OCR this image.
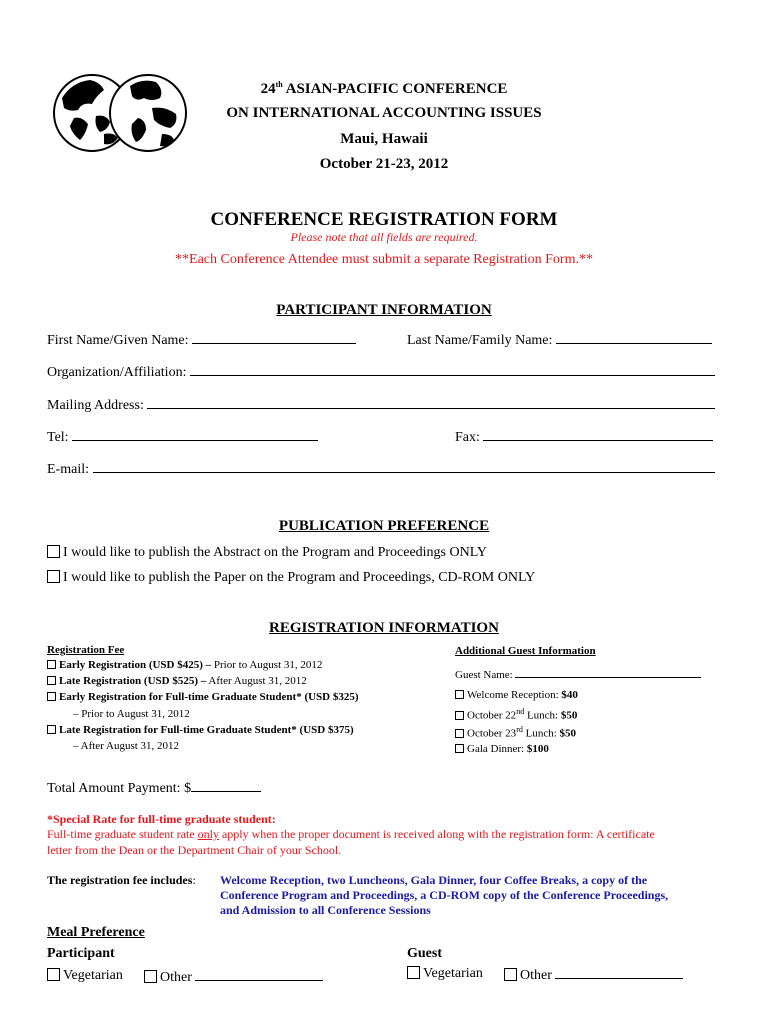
24th ASIAN-PACIFIC CONFERENCE
ON INTERNATIONAL ACCOUNTING ISSUES
Maui, Hawaii
October 21-23, 2012
CONFERENCE REGISTRATION FORM
Please note that all fields are required.
**Each Conference Attendee must submit a separate Registration Form.**
PARTICIPANT INFORMATION
First Name/Given Name:	Last Name/Family Name:
Organization/Affiliation:
Mailing Address:
Tel:	Fax:
E-mail:
PUBLICATION PREFERENCE
I would like to publish the Abstract on the Program and Proceedings ONLY
I would like to publish the Paper on the Program and Proceedings, CD-ROM ONLY
REGISTRATION INFORMATION
Registration Fee
Early Registration (USD $425) – Prior to August 31, 2012
Late Registration (USD $525) – After August 31, 2012
Early Registration for Full-time Graduate Student* (USD $325)
– Prior to August 31, 2012
Late Registration for Full-time Graduate Student* (USD $375)
– After August 31, 2012
Additional Guest Information
Guest Name:
Welcome Reception: $40
October 22nd Lunch: $50
October 23rd Lunch: $50
Gala Dinner: $100
Total Amount Payment: $
*Special Rate for full-time graduate student:
Full-time graduate student rate only apply when the proper document is received along with the registration form: A certificate
letter from the Dean or the Department Chair of your School.
The registration fee includes: Welcome Reception, two Luncheons, Gala Dinner, four Coffee Breaks, a copy of the
Conference Program and Proceedings, a CD-ROM copy of the Conference Proceedings,
and Admission to all Conference Sessions
Meal Preference
Participant	Guest
Vegetarian	Other	Vegetarian	Other
